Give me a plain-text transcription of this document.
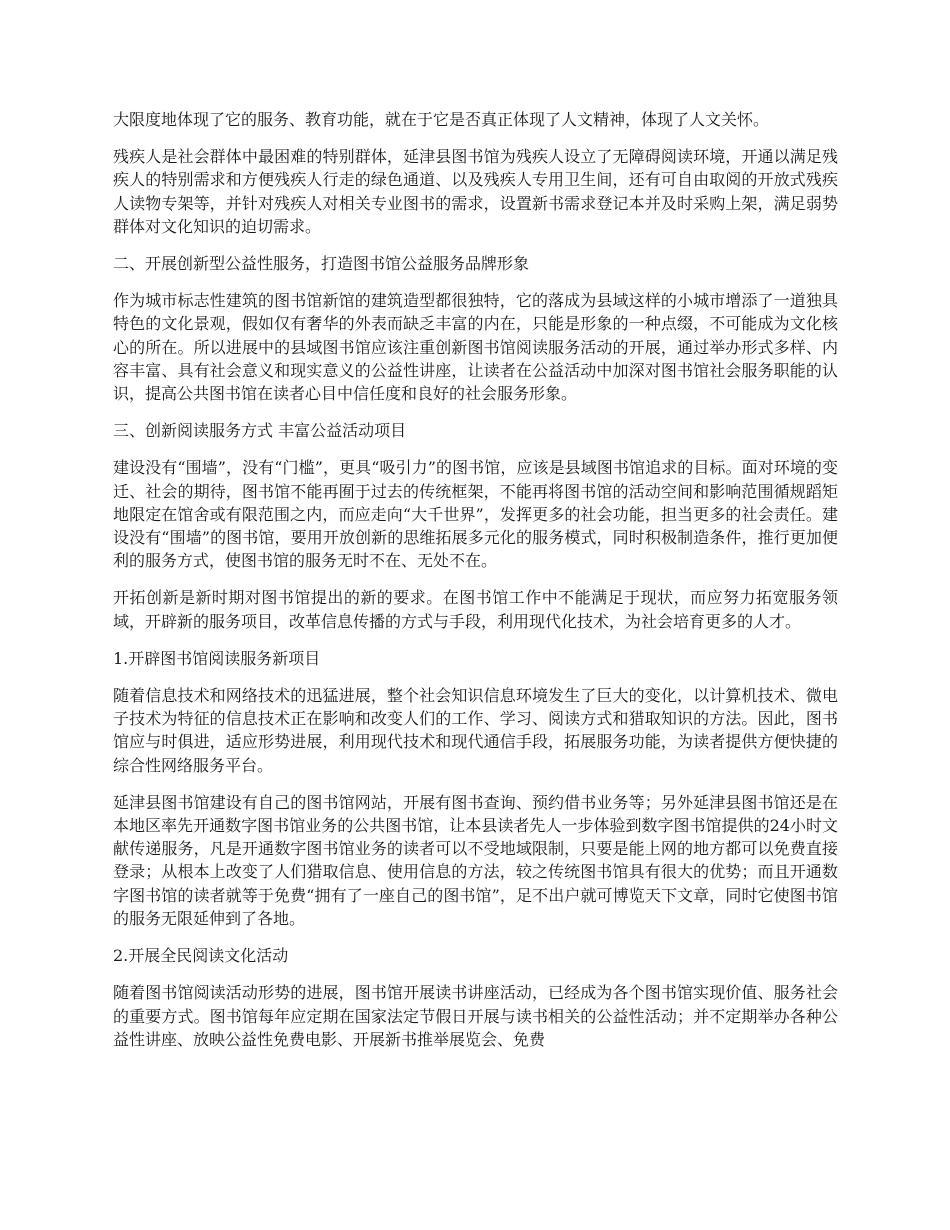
大限度地体现了它的服务、教育功能，就在于它是否真正体现了人文精神，体现了人文关怀。

残疾人是社会群体中最困难的特别群体，延津县图书馆为残疾人设立了无障碍阅读环境，开通以满足残疾人的特别需求和方便残疾人行走的绿色通道、以及残疾人专用卫生间，还有可自由取阅的开放式残疾人读物专架等，并针对残疾人对相关专业图书的需求，设置新书需求登记本并及时采购上架，满足弱势群体对文化知识的迫切需求。

二、开展创新型公益性服务，打造图书馆公益服务品牌形象

作为城市标志性建筑的图书馆新馆的建筑造型都很独特，它的落成为县域这样的小城市增添了一道独具特色的文化景观，假如仅有奢华的外表而缺乏丰富的内在，只能是形象的一种点缀，不可能成为文化核心的所在。所以进展中的县域图书馆应该注重创新图书馆阅读服务活动的开展，通过举办形式多样、内容丰富、具有社会意义和现实意义的公益性讲座，让读者在公益活动中加深对图书馆社会服务职能的认识，提高公共图书馆在读者心目中信任度和良好的社会服务形象。

三、创新阅读服务方式 丰富公益活动项目

建设没有“围墙”，没有“门槛”，更具“吸引力”的图书馆，应该是县域图书馆追求的目标。面对环境的变迁、社会的期待，图书馆不能再囿于过去的传统框架，不能再将图书馆的活动空间和影响范围循规蹈矩地限定在馆舍或有限范围之内，而应走向“大千世界”，发挥更多的社会功能，担当更多的社会责任。建设没有“围墙”的图书馆，要用开放创新的思维拓展多元化的服务模式，同时积极制造条件，推行更加便利的服务方式，使图书馆的服务无时不在、无处不在。

开拓创新是新时期对图书馆提出的新的要求。在图书馆工作中不能满足于现状，而应努力拓宽服务领域，开辟新的服务项目，改革信息传播的方式与手段，利用现代化技术，为社会培育更多的人才。

1.开辟图书馆阅读服务新项目

随着信息技术和网络技术的迅猛进展，整个社会知识信息环境发生了巨大的变化，以计算机技术、微电子技术为特征的信息技术正在影响和改变人们的工作、学习、阅读方式和猎取知识的方法。因此，图书馆应与时俱进，适应形势进展，利用现代技术和现代通信手段，拓展服务功能，为读者提供方便快捷的综合性网络服务平台。

延津县图书馆建设有自己的图书馆网站，开展有图书查询、预约借书业务等；另外延津县图书馆还是在本地区率先开通数字图书馆业务的公共图书馆，让本县读者先人一步体验到数字图书馆提供的24小时文献传递服务，凡是开通数字图书馆业务的读者可以不受地域限制，只要是能上网的地方都可以免费直接登录；从根本上改变了人们猎取信息、使用信息的方法，较之传统图书馆具有很大的优势；而且开通数字图书馆的读者就等于免费“拥有了一座自己的图书馆”，足不出户就可博览天下文章，同时它使图书馆的服务无限延伸到了各地。

2.开展全民阅读文化活动

随着图书馆阅读活动形势的进展，图书馆开展读书讲座活动，已经成为各个图书馆实现价值、服务社会的重要方式。图书馆每年应定期在国家法定节假日开展与读书相关的公益性活动；并不定期举办各种公益性讲座、放映公益性免费电影、开展新书推举展览会、免费
